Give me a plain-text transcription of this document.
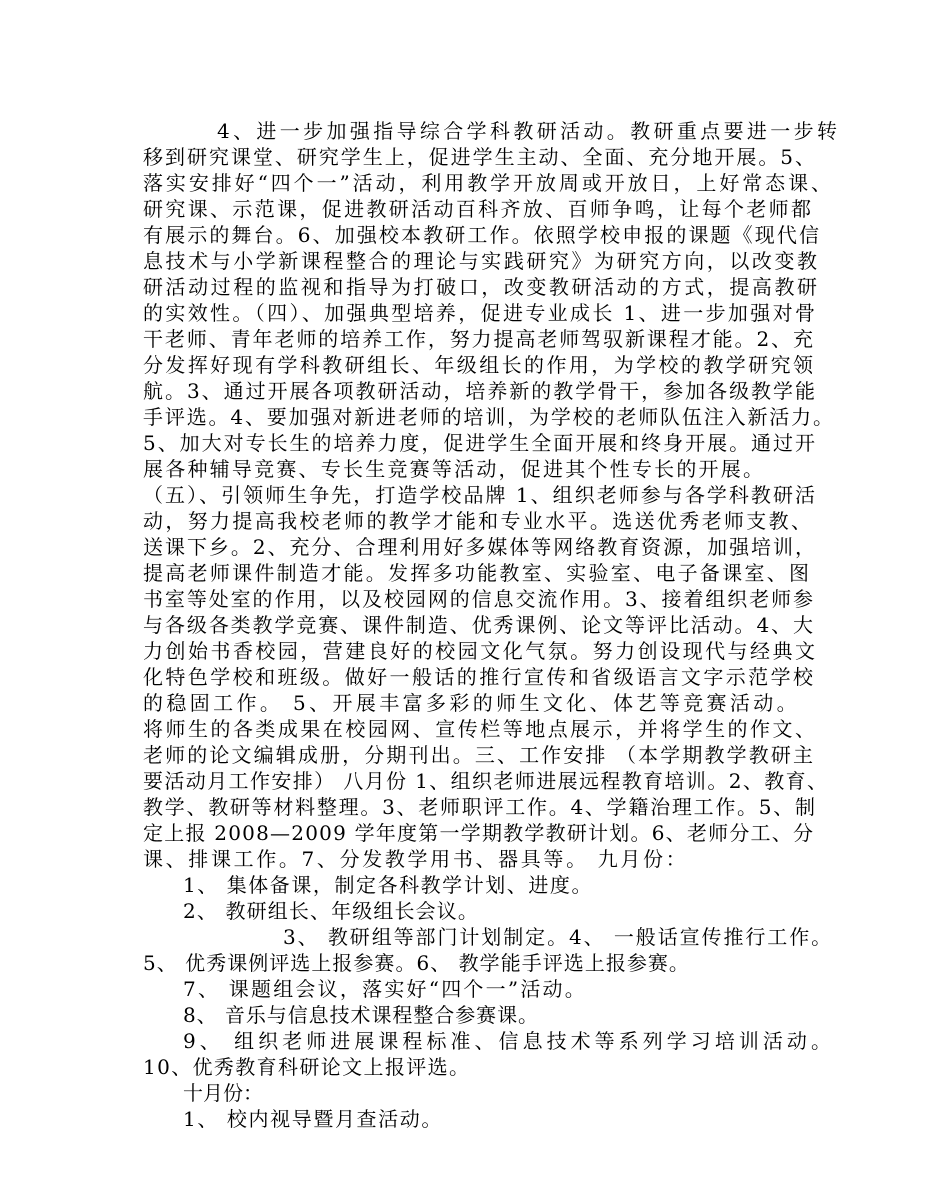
4、进一步加强指导综合学科教研活动。教研重点要进一步转
移到研究课堂、研究学生上，促进学生主动、全面、充分地开展。5、
落实安排好“四个一”活动，利用教学开放周或开放日，上好常态课、
研究课、示范课，促进教研活动百科齐放、百师争鸣，让每个老师都
有展示的舞台。6、加强校本教研工作。依照学校申报的课题《现代信
息技术与小学新课程整合的理论与实践研究》为研究方向，以改变教
研活动过程的监视和指导为打破口，改变教研活动的方式，提高教研
的实效性。（四）、加强典型培养，促进专业成长 1、进一步加强对骨
干老师、青年老师的培养工作，努力提高老师驾驭新课程才能。2、充
分发挥好现有学科教研组长、年级组长的作用，为学校的教学研究领
航。3、通过开展各项教研活动，培养新的教学骨干，参加各级教学能
手评选。4、要加强对新进老师的培训，为学校的老师队伍注入新活力。
5、加大对专长生的培养力度，促进学生全面开展和终身开展。通过开
展各种辅导竞赛、专长生竞赛等活动，促进其个性专长的开展。
（五）、引领师生争先，打造学校品牌 1、组织老师参与各学科教研活
动，努力提高我校老师的教学才能和专业水平。选送优秀老师支教、
送课下乡。2、充分、合理利用好多媒体等网络教育资源，加强培训，
提高老师课件制造才能。发挥多功能教室、实验室、电子备课室、图
书室等处室的作用，以及校园网的信息交流作用。3、接着组织老师参
与各级各类教学竞赛、课件制造、优秀课例、论文等评比活动。4、大
力创始书香校园，营建良好的校园文化气氛。努力创设现代与经典文
化特色学校和班级。做好一般话的推行宣传和省级语言文字示范学校
的稳固工作。 5、开展丰富多彩的师生文化、体艺等竞赛活动。
将师生的各类成果在校园网、宣传栏等地点展示，并将学生的作文、
老师的论文编辑成册，分期刊出。三、工作安排 （本学期教学教研主
要活动月工作安排） 八月份 1、组织老师进展远程教育培训。2、教育、
教学、教研等材料整理。3、老师职评工作。4、学籍治理工作。5、制
定上报 2008—2009 学年度第一学期教学教研计划。6、老师分工、分
课、排课工作。7、分发教学用书、器具等。 九月份：
1、 集体备课，制定各科教学计划、进度。
2、 教研组长、年级组长会议。
3、 教研组等部门计划制定。4、 一般话宣传推行工作。
5、 优秀课例评选上报参赛。6、 教学能手评选上报参赛。
7、 课题组会议，落实好“四个一”活动。
8、 音乐与信息技术课程整合参赛课。
9、 组织老师进展课程标准、信息技术等系列学习培训活动。
10、优秀教育科研论文上报评选。
十月份：
1、 校内视导暨月查活动。
